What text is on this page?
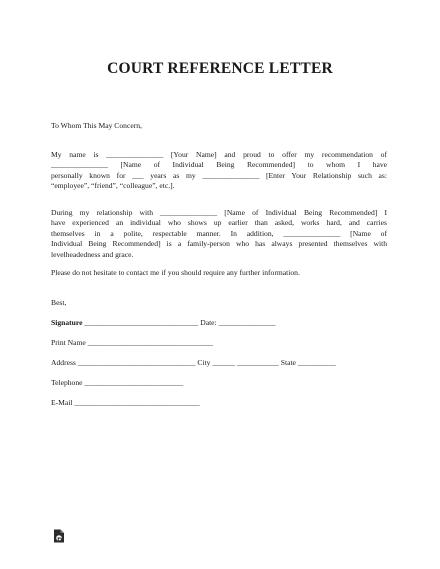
COURT REFERENCE LETTER
To Whom This May Concern,
My name is _______________ [Your Name] and proud to offer my recommendation of
_______________ [Name of Individual Being Recommended] to whom I have
personally known for ___ years as my _______________ [Enter Your Relationship such as:
“employee”, “friend”, “colleague”, etc.].
During my relationship with _______________ [Name of Individual Being Recommended] I
have experienced an individual who shows up earlier than asked, works hard, and carries
themselves in a polite, respectable manner. In addition, _______________ [Name of
Individual Being Recommended] is a family-person who has always presented themselves with
levelheadedness and grace.
Please do not hesitate to contact me if you should require any further information.
Best,
Signature ______________________________ Date: _______________
Print Name _________________________________
Address _______________________________ City ______ ___________ State __________
Telephone __________________________
E-Mail _________________________________
